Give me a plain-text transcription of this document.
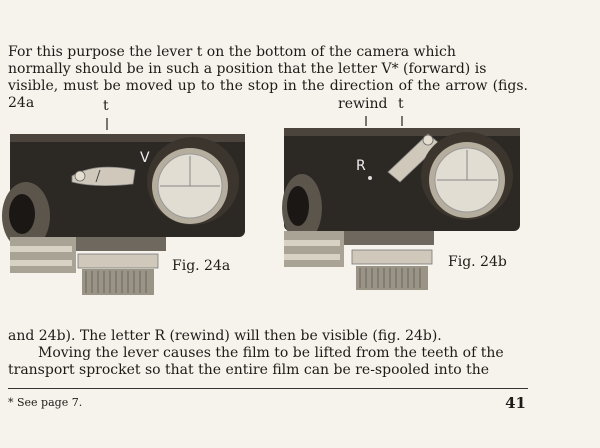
For this purpose the lever t on the bottom of the camera which

normally should be in such a position that the letter V* (forward) is

visible, must be moved up to the stop in the direction of the arrow (figs. 24a	t
V
Fig. 24a
rewind t
R
Fig. 24b

and 24b). The letter R (rewind) will then be visible (fig. 24b).

Moving the lever causes the film to be lifted from the teeth of the

transport sprocket so that the entire film can be re-spooled into the

* See page 7.	41
